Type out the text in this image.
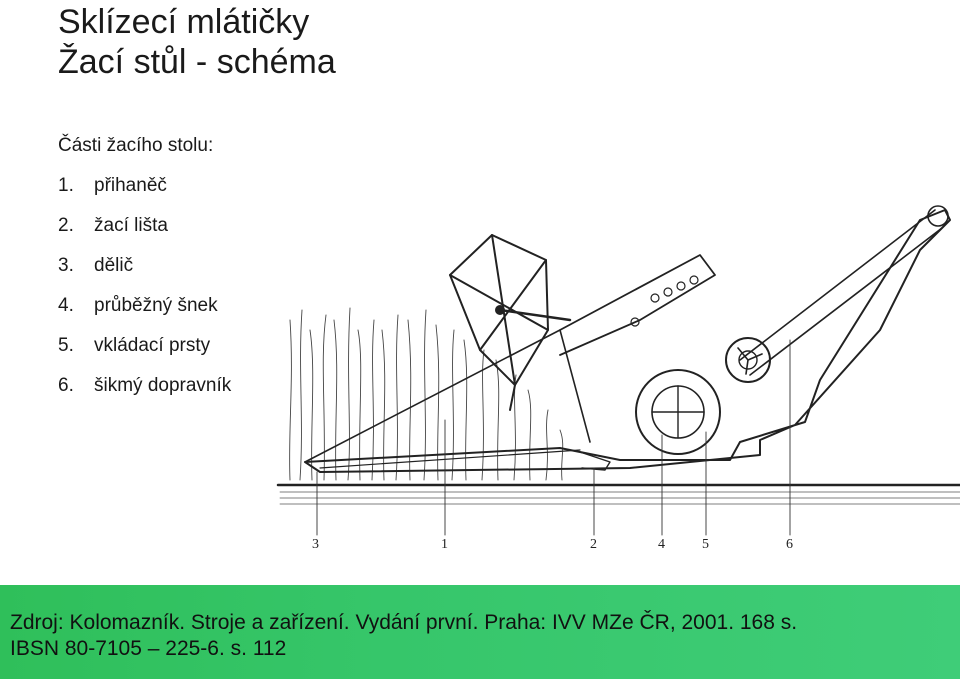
Sklízecí mlátičky
Žací stůl - schéma
Části žacího stolu:
1. přihaněč
2. žací lišta
3. dělič
4. průběžný šnek
5. vkládací prsty
6. šikmý dopravník
3	1	2	4	5	6
Zdroj: Kolomazník. Stroje a zařízení. Vydání první. Praha: IVV MZe ČR, 2001. 168 s.
IBSN 80-7105 – 225-6. s. 112
